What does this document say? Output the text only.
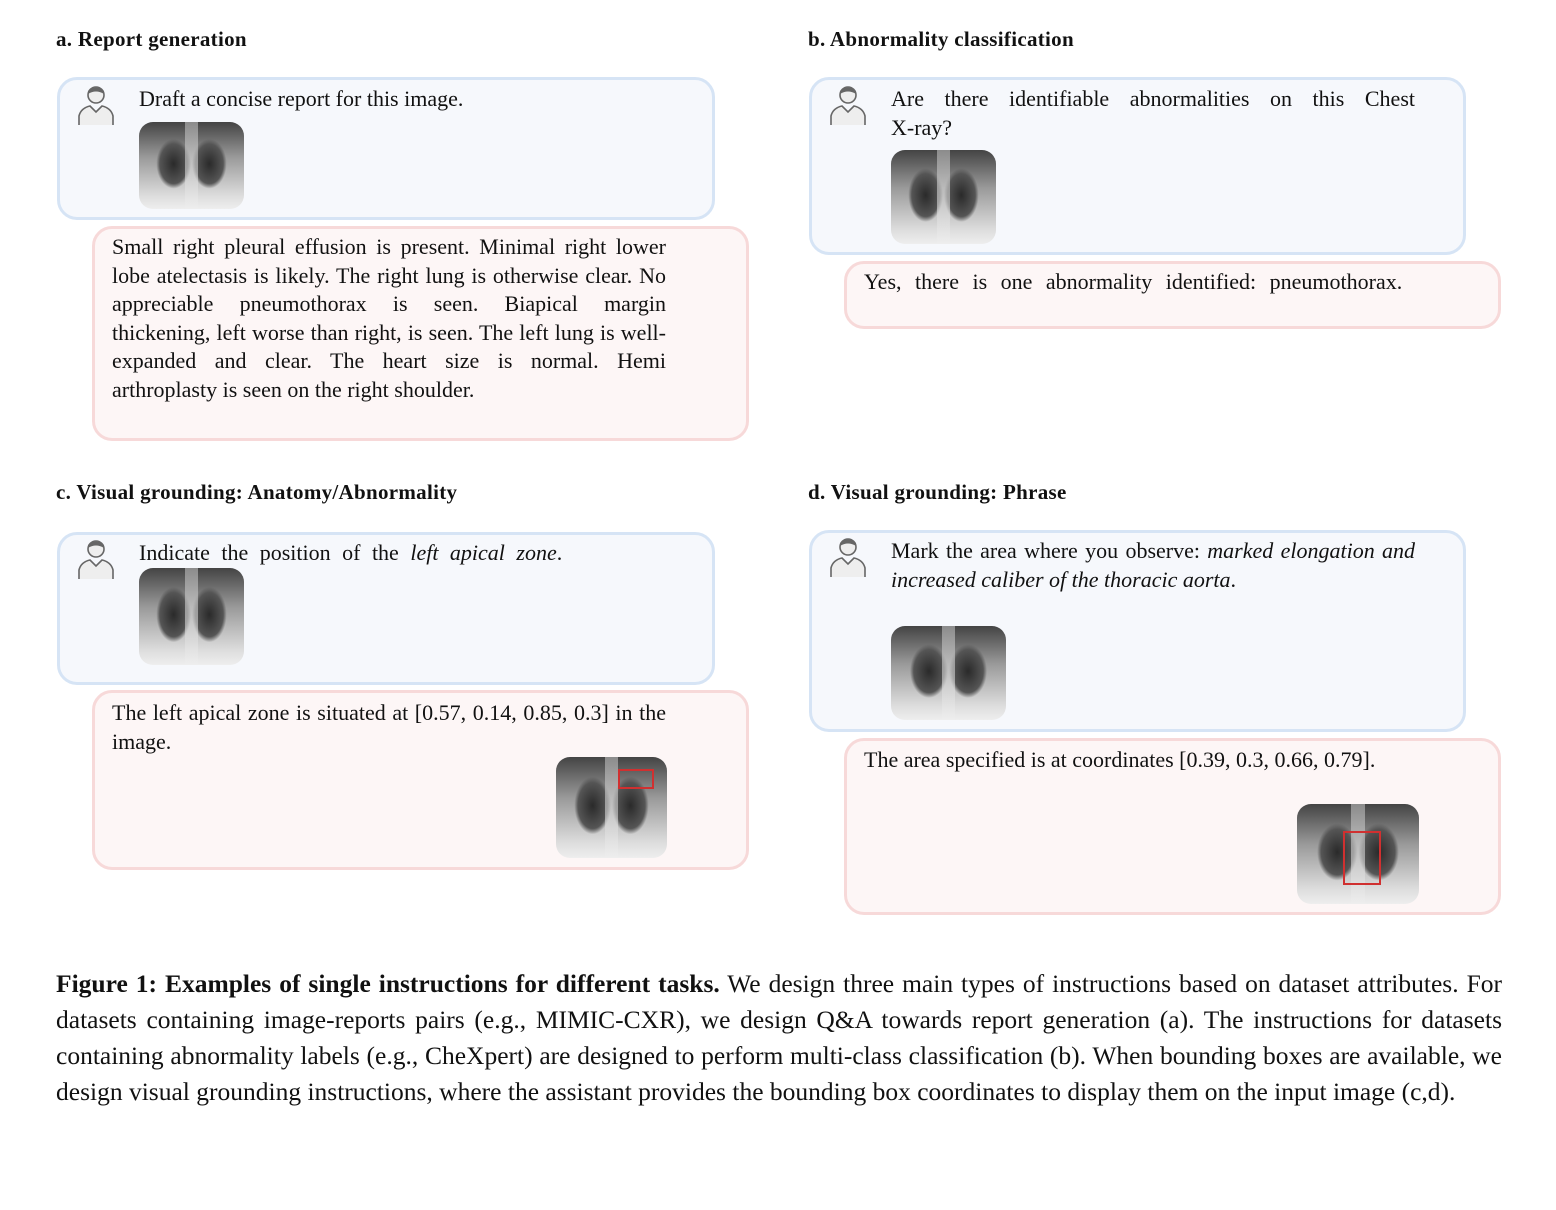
a. Report generation
Draft a concise report for this image.
Small right pleural effusion is present. Minimal right lower lobe atelectasis is likely. The right lung is otherwise clear. No appreciable pneumothorax is seen. Biapical margin thickening, left worse than right, is seen. The left lung is well-expanded and clear. The heart size is normal. Hemi arthroplasty is seen on the right shoulder.
b. Abnormality classification
Are there identifiable abnormalities on this Chest X-ray?
Yes, there is one abnormality identified: pneumothorax.
c. Visual grounding: Anatomy/Abnormality
Indicate the position of the left apical zone.
The left apical zone is situated at [0.57, 0.14, 0.85, 0.3] in the image.
d. Visual grounding: Phrase
Mark the area where you observe: marked elongation and increased caliber of the thoracic aorta.
The area specified is at coordinates [0.39, 0.3, 0.66, 0.79].
Figure 1: Examples of single instructions for different tasks. We design three main types of instructions based on dataset attributes. For datasets containing image-reports pairs (e.g., MIMIC-CXR), we design Q&A towards report generation (a). The instructions for datasets containing abnormality labels (e.g., CheXpert) are designed to perform multi-class classification (b). When bounding boxes are available, we design visual grounding instructions, where the assistant provides the bounding box coordinates to display them on the input image (c,d).
